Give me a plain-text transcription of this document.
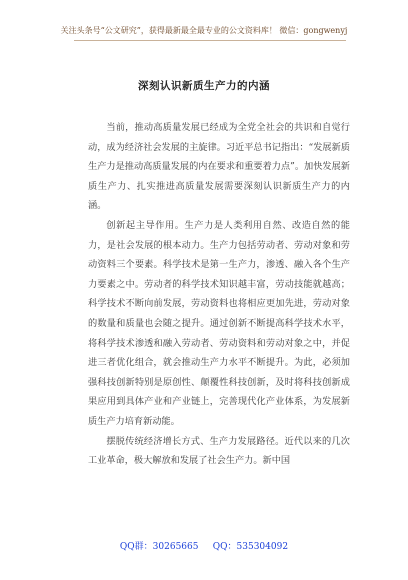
关注头条号“公文研究”，获得最新最全最专业的公文资料库！ 微信：gongwenyj
深刻认识新质生产力的内涵

当前，推动高质量发展已经成为全党全社会的共识和自觉行动，成为经济社会发展的主旋律。习近平总书记指出：“发展新质生产力是推动高质量发展的内在要求和重要着力点”。加快发展新质生产力、扎实推进高质量发展需要深刻认识新质生产力的内涵。

创新起主导作用。生产力是人类利用自然、改造自然的能力，是社会发展的根本动力。生产力包括劳动者、劳动对象和劳动资料三个要素。科学技术是第一生产力，渗透、融入各个生产力要素之中。劳动者的科学技术知识越丰富，劳动技能就越高；科学技术不断向前发展，劳动资料也将相应更加先进，劳动对象的数量和质量也会随之提升。通过创新不断提高科学技术水平，将科学技术渗透和融入劳动者、劳动资料和劳动对象之中，并促进三者优化组合，就会推动生产力水平不断提升。为此，必须加强科技创新特别是原创性、颠覆性科技创新，及时将科技创新成果应用到具体产业和产业链上，完善现代化产业体系，为发展新质生产力培育新动能。

摆脱传统经济增长方式、生产力发展路径。近代以来的几次工业革命，极大解放和发展了社会生产力。新中国

QQ群：30265665     QQ：535304092
